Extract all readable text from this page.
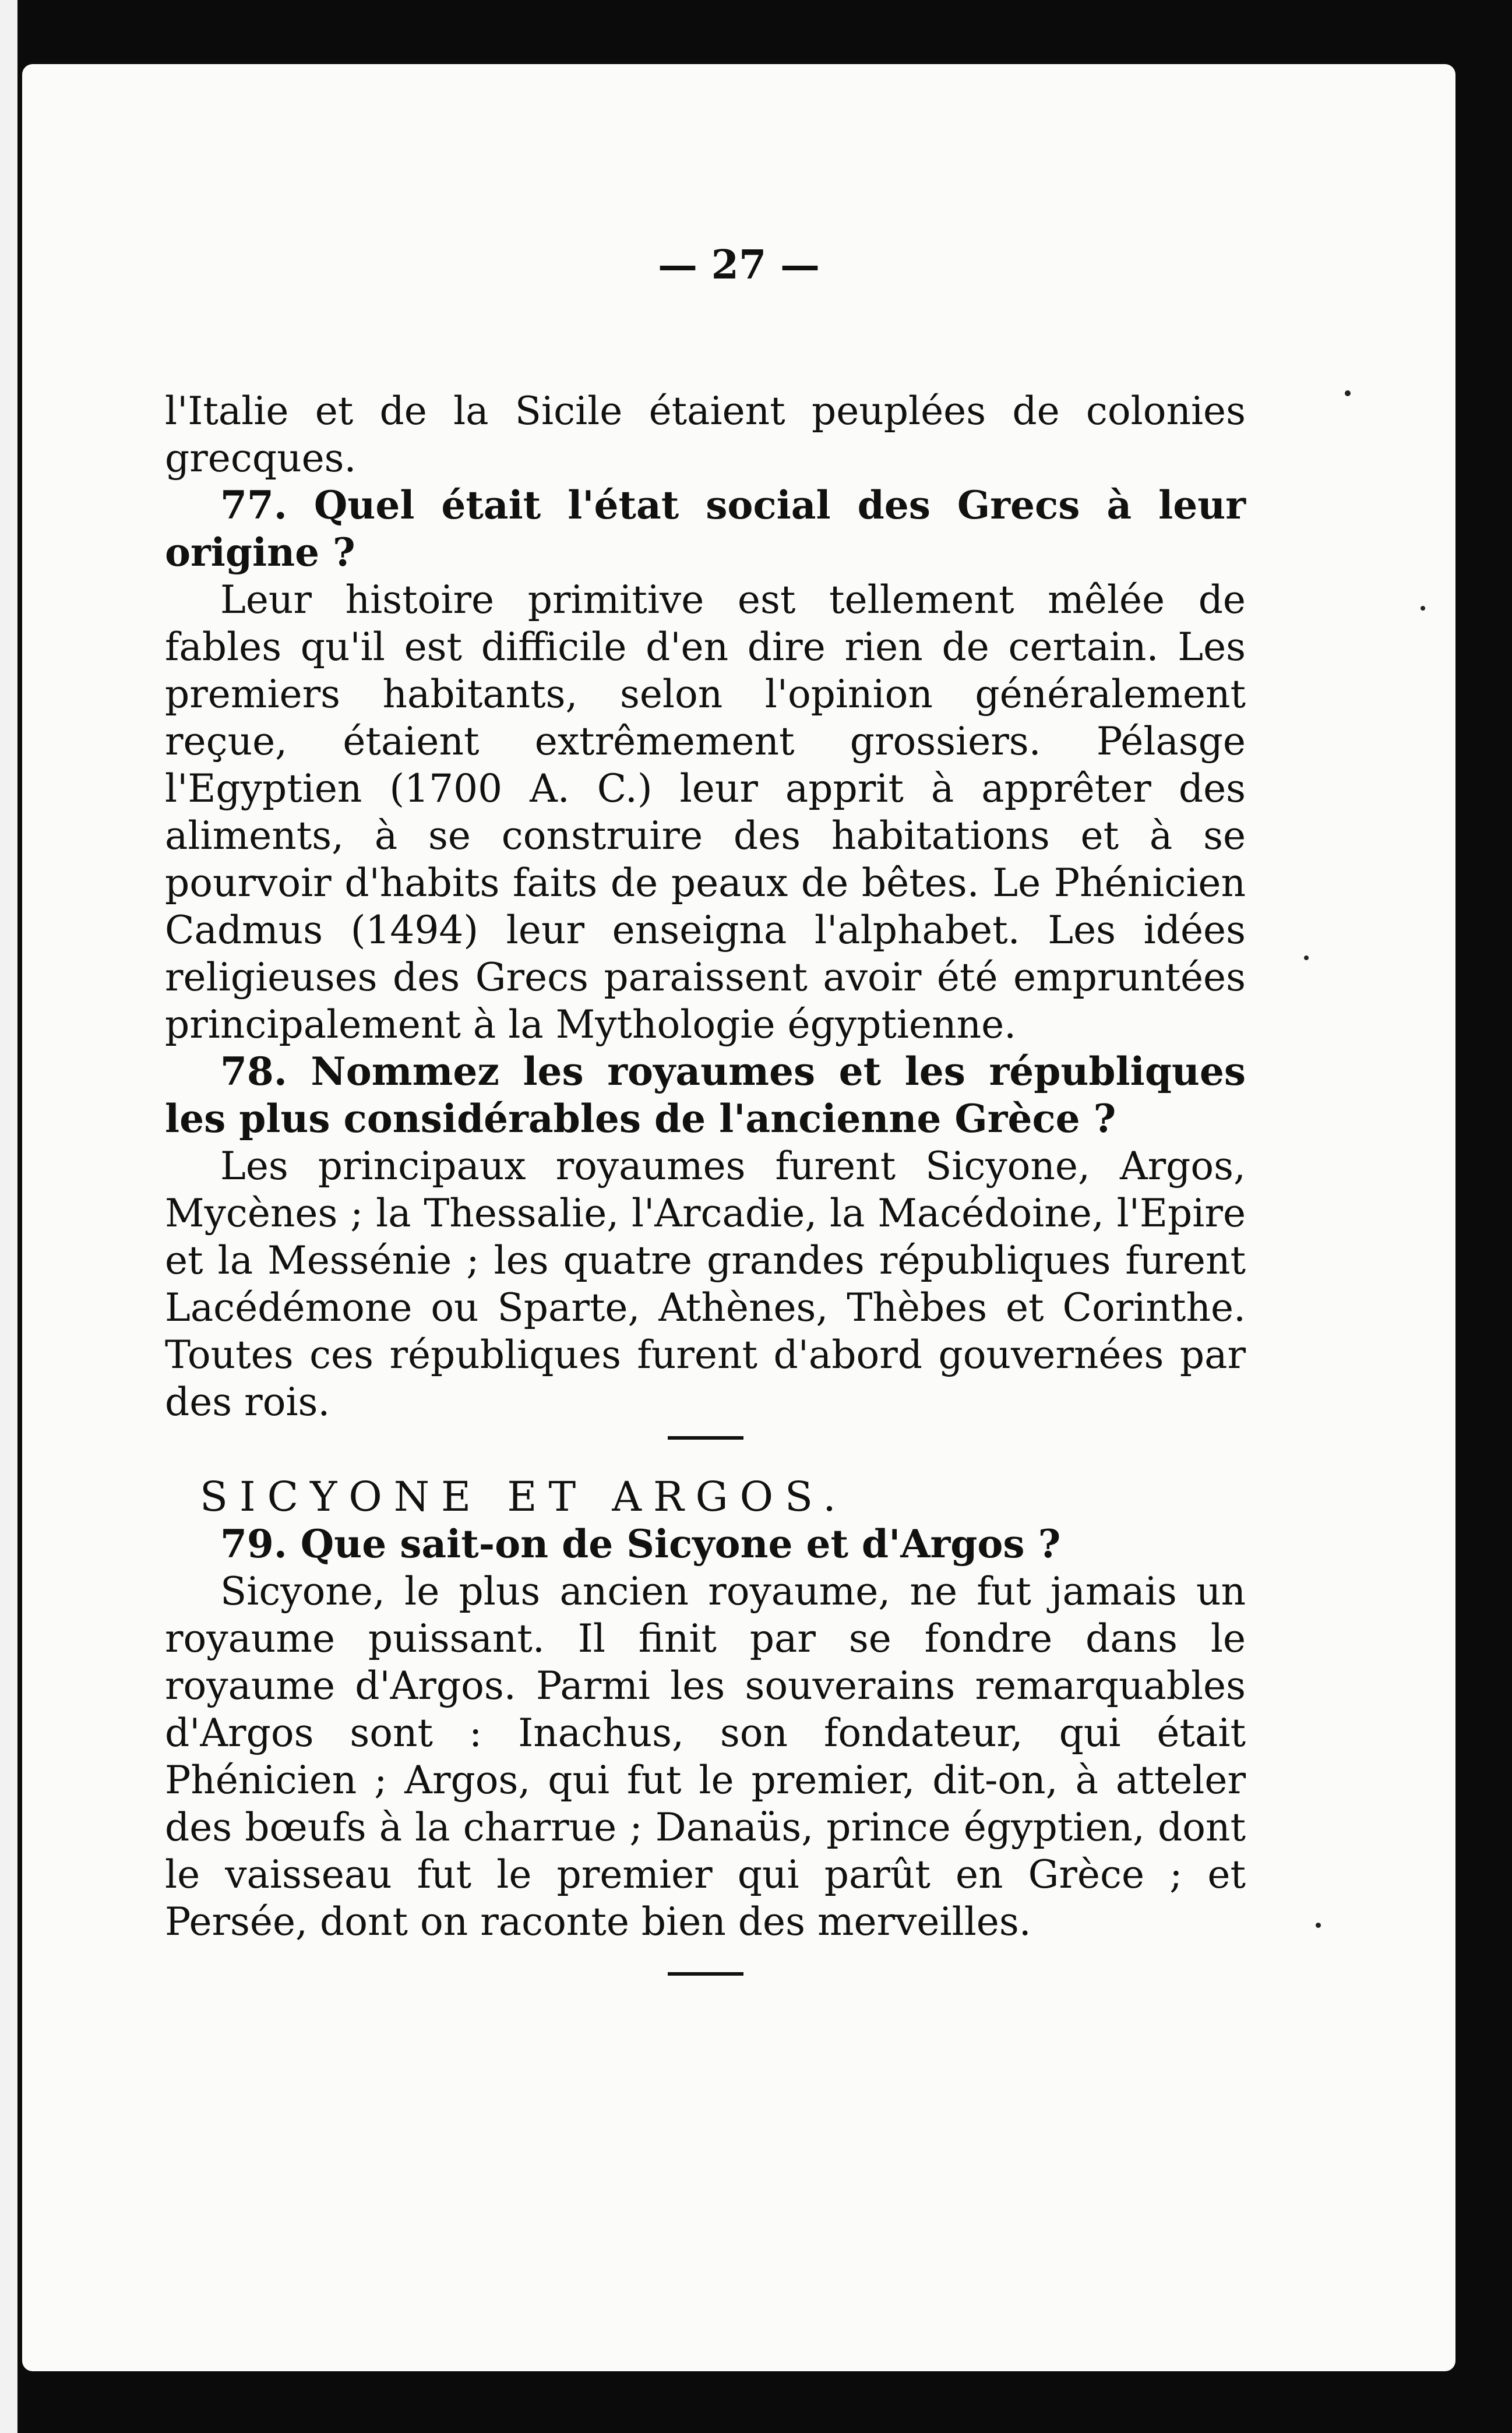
— 27 —

l'Italie et de la Sicile étaient peuplées de colonies grecques.

77. Quel était l'état social des Grecs à leur origine ?

Leur histoire primitive est tellement mêlée de fables qu'il est difficile d'en dire rien de certain. Les premiers habitants, selon l'opinion généralement reçue, étaient extrêmement grossiers. Pélasge l'Egyptien (1700 A. C.) leur apprit à apprêter des aliments, à se construire des habitations et à se pourvoir d'habits faits de peaux de bêtes. Le Phénicien Cadmus (1494) leur enseigna l'alphabet. Les idées religieuses des Grecs paraissent avoir été empruntées principalement à la Mythologie égyptienne.

78. Nommez les royaumes et les républiques les plus considérables de l'ancienne Grèce ?

Les principaux royaumes furent Sicyone, Argos, Mycènes ; la Thessalie, l'Arcadie, la Macédoine, l'Epire et la Messénie ; les quatre grandes républiques furent Lacédémone ou Sparte, Athènes, Thèbes et Corinthe. Toutes ces républiques furent d'abord gouvernées par des rois.

SICYONE ET ARGOS.

79. Que sait-on de Sicyone et d'Argos ?

Sicyone, le plus ancien royaume, ne fut jamais un royaume puissant. Il finit par se fondre dans le royaume d'Argos. Parmi les souverains remarquables d'Argos sont : Inachus, son fondateur, qui était Phénicien ; Argos, qui fut le premier, dit-on, à atteler des bœufs à la charrue ; Danaüs, prince égyptien, dont le vaisseau fut le premier qui parût en Grèce ; et Persée, dont on raconte bien des merveilles.
